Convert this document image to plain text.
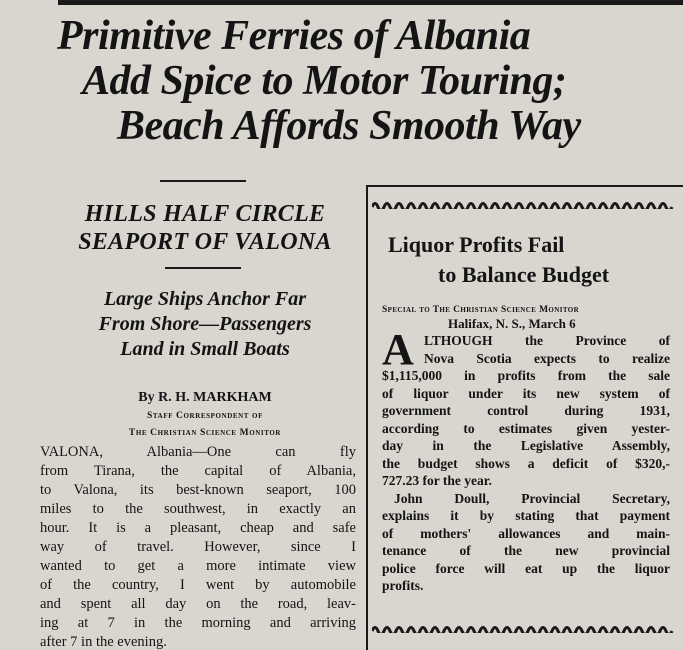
Primitive Ferries of Albania
Add Spice to Motor Touring;
Beach Affords Smooth Way
HILLS HALF CIRCLE
SEAPORT OF VALONA
Large Ships Anchor Far
From Shore—Passengers
Land in Small Boats
By R. H. MARKHAM
Staff Correspondent of
The Christian Science Monitor
VALONA, Albania—One can fly
from Tirana, the capital of Albania,
to Valona, its best-known seaport, 100
miles to the southwest, in exactly an
hour. It is a pleasant, cheap and safe
way of travel. However, since I
wanted to get a more intimate view
of the country, I went by automobile
and spent all day on the road, leav-
ing at 7 in the morning and arriving
after 7 in the evening.
Liquor Profits Fail
to Balance Budget
Special to The Christian Science Monitor
Halifax, N. S., March 6
A LTHOUGH the Province of
Nova Scotia expects to realize
$1,115,000 in profits from the sale
of liquor under its new system of
government control during 1931,
according to estimates given yester-
day in the Legislative Assembly,
the budget shows a deficit of $320,-
727.23 for the year.
John Doull, Provincial Secretary,
explains it by stating that payment
of mothers' allowances and main-
tenance of the new provincial
police force will eat up the liquor
profits.
